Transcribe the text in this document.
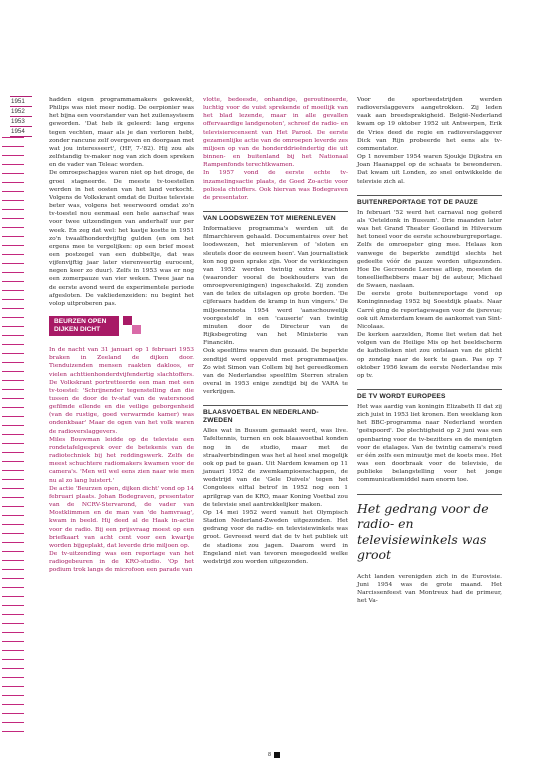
1951
1952
1953
1954

hadden eigen programmamakers gekweekt, Philips was niet meer nodig. De oerpionier was het bijna een voorstander van het zuilensysteem geworden. 'Dat heb ik geleerd: lang ergens tegen vechten, maar als je dan verloren hebt, zonder rancune zelf overgeven en doorgaan met wat jou interesseert', (HF, 7-'82). Hij zou als zelfstandig tv-maker nog van zich doen spreken en de vader van Teleac worden.

De omroepschapjes waren niet op het droge, de groei stagneerde. De meeste tv-toestellen werden in het oosten van het land verkocht. Volgens de Volkskrant omdat de Duitse televisie beter was, volgens het weerwoord omdat zo'n tv-toestel nou eenmaal een hele aanschaf was voor twee uitzendingen van anderhalf uur per week. En zeg dat wel: het kastje kostte in 1951 zo'n twaalfhonderdvijftig gulden (en om het ergens mee te vergelijken: op een brief moest een postzegel van een dubbeltje, dat was vijfenvijftig jaar later vierenveertig eurocent, negen keer zo duur). Zelfs in 1953 was er nog een zomerpauze van vier weken. Twee jaar na de eerste avond werd de experimentele periode afgesloten. De vakliedenzeiden: nu begint het volop uitproberen pas.

BEURZEN OPEN
DIJKEN DICHT

In de nacht van 31 januari op 1 februari 1953 braken in Zeeland de dijken door. Tienduizenden mensen raakten dakloos, er vielen achttienhonderdvijfendertig slachtoffers. De Volkskrant portretteerde een man met een tv-toestel: 'Schrijnender tegenstelling dan die tussen de door de tv-staf van de watersnood gefilmde ellende en die veilige geborgenheid (van de rustige, goed verwarmde kamer) was ondenkbaar' Maar de ogen van het volk waren de radioverslaggevers.

Miles Bouwman leidde op de televisie een rondetafelgesprek over de betekenis van de radiotechniek bij het reddingswerk. Zelfs de meest schuchtere radiomakers kwamen voor de camera's. 'Men wil wel eens zien naar wie men nu al zo lang luistert.'

De actie 'Beurzen open, dijken dicht' vond op 14 februari plaats. Johan Bodegraven, presentator van de NCRV-Stervarond, de vader van Mostklimmen en de man van 'de hamvraag', kwam in beeld. Hij deed al de Haak in-actie voor de radio. Bij een prijsvraag moest op een briefkaart van acht cent voor een kwartje worden bijgeplakt, dat leverde drie miljoen op.

De tv-uitzending was een reportage van het radiogebeuren in de KRO-studio. 'Op het podium trok langs de microfoon een parade van

vlotte, bedeesde, onhandige, geroutineerde, luchtig voor de vuist sprekende of moeilijk van het blad lezende, maar in alle gevallen offervaardige landgenoten', schreef de radio- en televisierecensent van Het Parool. De eerste gezamenlijke actie van de omroepen leverde zes miljoen op van de honderddrieëndertig die uit binnen- en buitenland bij het Nationaal Rampenfonds terechtkwamen.

In 1957 vond de eerste echte tv-inzamelingsactie plaats, de Goed Zo-actie voor poliosla chtoffers. Ook hiervan was Bodegraven de presentator.

VAN LOODSWEZEN TOT MIERENLEVEN

Informatieve programma's werden uit de filmarchieven gehaald. Documentaires over het loodswezen, het mierenleven of 'sloten en sleutels door de eeuwen heen'. Van journalistiek kon nog geen sprake zijn. Voor de verkiezingen van 1952 werden twintig extra krachten (waaronder vooral de boekhouders van de omroepverenigingen) ingeschakeld. Zij zonden van de telex de uitslagen op grote borden. 'De cijferaars hadden de kramp in hun vingers.' De miljoenennota 1954 werd 'aanschouwelijk voorgesteld' in een 'causerie' van twintig minuten door de Directeur van de Rijksbegroting van het Ministerie van Financiën.

Ook speelfilms waren dun gezaaid. De beperkte zendtijd werd opgevuld met programmaatjes. Zo wist Simon van Collem bij het gereedkomen van de Nederlandse speelfilm Sterren stralen overal in 1953 enige zendtijd bij de VARA te verkrijgen.

BLAASVOETBAL EN NEDERLAND-ZWEDEN

Alles wat in Bussum gemaakt werd, was live. Tafeltennis, turnen en ook blaasvoetbal konden nog in de studio, maar met de straalverbindingen was het al heel snel mogelijk ook op pad te gaan. Uit Nardem kwamen op 11 januari 1952 de zwemkampioenschappen, de wedstrijd van de 'Gele Duivels' tegen het Congolees elftal betrof in 1952 nog een 1 aprilgrap van de KRO, maar Koning Voetbal zou de televisie snel aantrekkelijker maken.

Op 14 mei 1952 werd vanuit het Olympisch Stadion Nederland-Zweden uitgezonden. Het gedrang voor de radio- en televisiewinkels was groot. Gevreesd werd dat de tv het publiek uit de stadions zou jagen. Daarom werd in Engeland niet van tevoren meegedeeld welke wedstrijd zou worden uitgezonden.

Voor de sportwedstrijden werden radioverslaggevers aangetrokken. Zij leden vaak aan breedsprakigheid. België-Nederland kwam op 19 oktober 1952 uit Antwerpen, Erik de Vries deed de regie en radioverslaggever Dick van Rijn probeerde het eens als tv-commentator.

Op 1 november 1954 waren Sjoukje Dijkstra en Joan Haanappel op de schaats te bewonderen. Dat kwam uit Londen, zo snel ontwikkelde de televisie zich al.

BUITENREPORTAGE TOT DE PAUZE

In februari '52 werd het carnaval nog geëerd als 'Oeteldonk in Bussum'. Drie maanden later was het Grand Theater Gooiland in Hilversum het toneel voor de eerste schouwburgreportage. Zelfs de omroepster ging mee. Helaas kon vanwege de beperkte zendtijd slechts het gedeelte vóór de pauze worden uitgezonden. Hoe De Gecroonde Leersse afliep, moesten de toneelliefhebbers maar bij de auteur, Michael de Swaen, naslaan.

De eerste grote buitenreportage vond op Koninginnedag 1952 bij Soestdijk plaats. Naar Carré ging de reportagewagen voor de ijsrevue; ook uit Amsterdam kwam de aankomst van Sint-Nicolaas.

De kerken aarzelden, Rome liet weten dat het volgen van de Heilige Mis op het beeldscherm de katholieken niet zou ontslaan van de plicht op zondag naar de kerk te gaan. Pas op 7 oktober 1956 kwam de eerste Nederlandse mis op tv.

DE TV WORDT EUROPEES

Het was aardig van koningin Elizabeth II dat zij zich juist in 1953 liet kronen. Een weeklang kon het BBC-programma naar Nederland worden 'geëxpoord'. De plechtigheid op 2 juni was een openbaring voor de tv-bezitters en de menigten voor de etalages. Van de twintig camera's reed er één zelfs een minuutje met de koets mee. Het was een doorbraak voor de televisie, de publieke belangstelling voor het jonge communicatiemiddel nam enorm toe.

Het gedrang voor de radio- en televisiewinkels was groot

Acht landen verenigden zich in de Eurovisie. Juni 1954 was de grote maand. Het Narcissenfeest van Montreux had de primeur, het Va-

8
